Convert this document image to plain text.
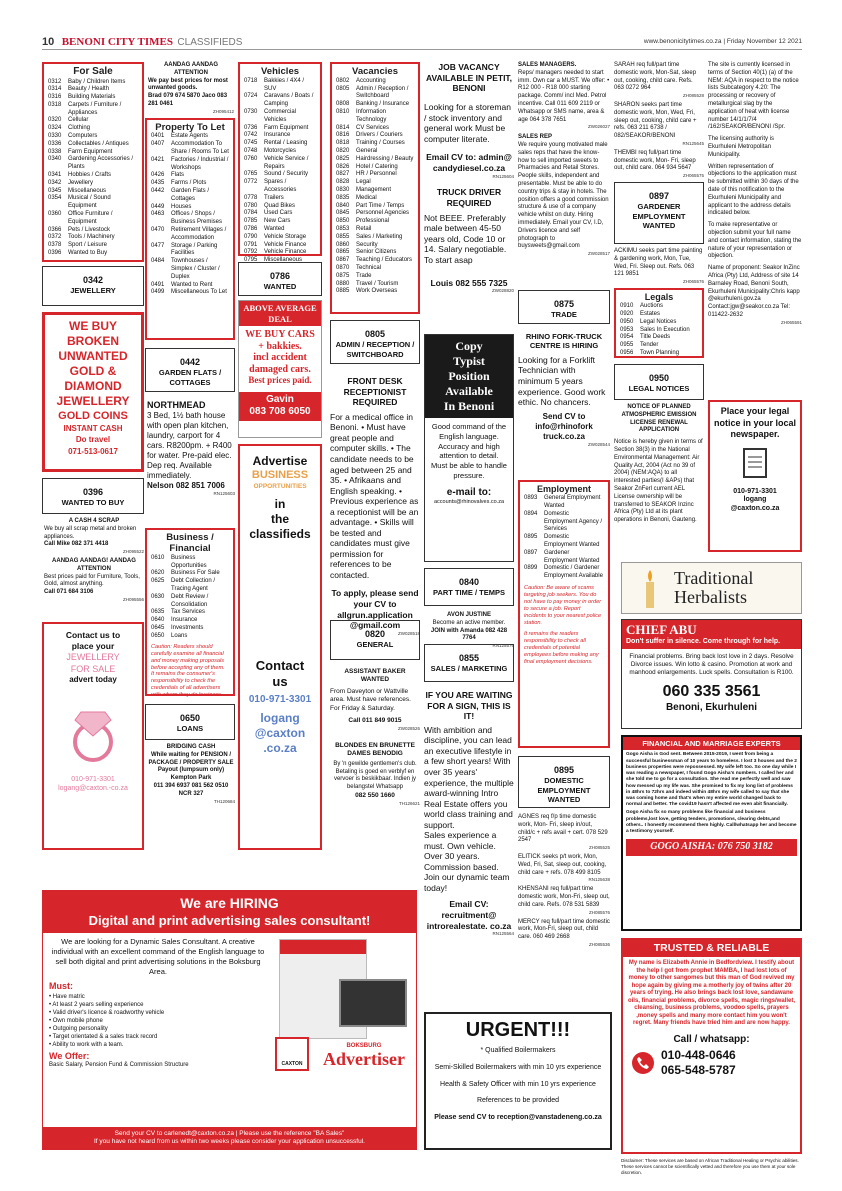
10 BENONI CITY TIMES CLASSIFIEDS	www.benonicitytimes.co.za | Friday November 12 2021
For Sale
0312	Baby / Children Items
0314	Beauty / Health
0316	Building Materials
0318	Carpets / Furniture / Appliances
0320	Cellular
0324	Clothing
0330	Computers
0336	Collectables / Antiques
0338	Farm Equipment
0340	Gardening Accessories / Plants
0341	Hobbies / Crafts
0342	Jewellery
0345	Miscellaneous
0354	Musical / Sound Equipment
0360	Office Furniture / Equipment
0366	Pets / Livestock
0372	Tools / Machinery
0378	Sport / Leisure
0396	Wanted to Buy
0342
JEWELLERY
WE BUY
BROKEN
UNWANTED
GOLD &
DIAMOND
JEWELLERY
GOLD COINS
INSTANT CASH
Do travel
071-513-0617
0396
WANTED TO BUY
A CASH 4 SCRAP
We buy all scrap metal and broken appliances.
Call Mike 082 371 4418
ZH095522
AANDAG AANDAG! AANDAG ATTENTION
Best prices paid for Furniture, Tools, Gold, almost anything.
Call 071 684 3106
ZH095556
Contact us to
place your
JEWELLERY
FOR SALE
advert today
010-971-3301
logang@caxton.-co.za
AANDAG AANDAG ATTENTION
We pay best prices for most unwanted goods.
Brad 079 674 5870 Jaco 083 281 0461
ZH095412
Property To Let
0401	Estate Agents
0407	Accommodation To Share / Rooms To Let
0421	Factories / Industrial / Workshops
0426	Flats
0435	Farms / Plots
0442	Garden Flats / Cottages
0449	Houses
0463	Offices / Shops / Business Premises
0470	Retirement Villages / Accommodation
0477	Storage / Parking Facilities
0484	Townhouses / Simplex / Cluster / Duplex
0491	Wanted to Rent
0499	Miscellaneous To Let
0442
GARDEN FLATS / COTTAGES
NORTHMEAD
3 Bed, 1½ bath house with open plan kitchen, laundry, carport for 4 cars. R8200pm. + R400 for water. Pre-paid elec. Dep req. Available immediately.
Nelson 082 851 7006
RN125603
Business / Financial
0610	Business Opportunities
0620	Business For Sale
0625	Debt Collection / Tracing Agent
0630	Debt Review / Consolidation
0635	Tax Services
0640	Insurance
0645	Investments
0650	Loans
Caution: Readers should carefully examine all financial and money making proposals before accepting any of them. It remains the consumer's responsibility to check the credentials of all advertisers with whom they do business.
0650
LOANS
BRIDGING CASH
While waiting for PENSION / PACKAGE / PROPERTY SALE Payout (lumpsum only)
Kempton Park
011 394 6937 081 562 0510 NCR 327
TH120684
Vehicles
0718	Bakkies / 4X4 / SUV
0724	Caravans / Boats / Camping
0730	Commercial Vehicles
0736	Farm Equipment
0742	Insurance
0745	Rental / Leasing
0748	Motorcycles
0760	Vehicle Service / Repairs
0765	Sound / Security
0772	Spares / Accessories
0778	Trailers
0780	Quad Bikes
0784	Used Cars
0785	New Cars
0786	Wanted
0790	Vehicle Storage
0791	Vehicle Finance
0792	Vehicle Finance
0795	Miscellaneous
0786
WANTED
ABOVE AVERAGE DEAL
WE BUY CARS
+ bakkies.
incl accident
damaged cars.
Best prices paid.
Gavin
083 708 6050
Advertise
BUSINESS
OPPORTUNITIES
in
the
classifieds
Contact
us
010-971-3301
logang
@caxton
.co.za
Vacancies
0802	Accounting
0805	Admin / Reception / Switchboard
0808	Banking / Insurance
0810	Information Technology
0814	CV Services
0816	Drivers / Couriers
0818	Training / Courses
0820	General
0825	Hairdressing / Beauty
0826	Hotel / Catering
0827	HR / Personnel
0828	Legal
0830	Management
0835	Medical
0840	Part Time / Temps
0845	Personnel Agencies
0850	Professional
0853	Retail
0855	Sales / Marketing
0860	Security
0865	Senior Citizens
0867	Teaching / Educators
0870	Technical
0875	Trade
0880	Travel / Tourism
0885	Work Overseas
0805
ADMIN / RECEPTION / SWITCHBOARD
FRONT DESK RECEPTIONIST REQUIRED
For a medical office in Benoni. • Must have great people and computer skills. • The candidate needs to be aged between 25 and 35. • Afrikaans and English speaking. • Previous experience as a receptionist will be an advantage. • Skills will be tested and candidates must give permission for references to be contacted.
To apply, please send your CV to allgrun.application @gmail.com
ZW028518
0820
GENERAL
ASSISTANT BAKER WANTED
From Daveyton or Wattville area. Must have references. For Friday & Saturday.
Call 011 849 9015
ZW028526
BLONDES EN BRUNETTE DAMES BENODIG
By 'n gewilde gentlemen's club. Betaling is goed en verblyf en vervoer is beskikbaar. Indien jy belangstel Whatsapp
082 550 1660
TH126621
JOB VACANCY AVAILABLE IN PETIT, BENONI
Looking for a storeman / stock inventory and general work Must be computer literate.
Email CV to: admin@ candydiesel.co.za
RN125604
TRUCK DRIVER REQUIRED
Not BEEE. Preferably male between 45-50 years old, Code 10 or 14. Salary negotiable. To start asap
Louis 082 555 7325
ZW028820
Copy
Typist
Position
Available
In Benoni
Good command of the English language.
Accuracy and high attention to detail.
Must be able to handle pressure.
e-mail to:
accounts@rhinovalves.co.za
0840
PART TIME / TEMPS
AVON JUSTINE
Become an active member.
JOIN with Amanda 082 428 7764
RN125576
0855
SALES / MARKETING
IF YOU ARE WAITING FOR A SIGN, THIS IS IT!
With ambition and discipline, you can lead an executive lifestyle in a few short years! With over 35 years' experience, the multiple award-winning Intro Real Estate offers you world class training and support.
Sales experience a must. Own vehicle. Over 30 years. Commission based. Join our dynamic team today!
Email CV: recruitment@ introrealestate. co.za
RN125564
SALES MANAGERS.
Reps/ managers needed to start imm. Own car a MUST. We offer: • R12 000 - R18 000 starting package. Comm/ incl Med. Petrol incentive. Call 011 609 2119 or Whatsapp or SMS name, area & age 064 378 7651
ZW026027
SALES REP
We require young motivated male sales reps that have the know-how to sell imported sweets to Pharmacies and Retail Stores. People skills, independent and presentable. Must be able to do country trips & stay in hotels. The position offers a good commission structure & use of a company vehicle whilst on duty. Hiring immediately. Email your CV, I.D, Drivers licence and self photograph to buysweets@gmail.com
ZW028517
0875
TRADE
RHINO FORK-TRUCK CENTRE IS HIRING
Looking for a Forklift Technician with minimum 5 years experience. Good work ethic. No chancers.
Send CV to info@rhinofork truck.co.za
ZW028544
Employment
0893	General Employment Wanted
0894	Domestic Employment Agency / Services
0895	Domestic Employment Wanted
0897	Gardener Employment Wanted
0899	Domestic / Gardener Employment Available
Caution: Be aware of scams targeting job seekers. You do not have to pay money in order to secure a job. Report incidents to your nearest police station.
It remains the readers responsibility to check all credentials of potential employees before making any final employment decisions.
0895
DOMESTIC EMPLOYMENT WANTED
AGNES req f/p time domestic work, Mon- Fri, sleep in/out, child/c + refs avail + cert. 078 529 2547
ZH085525
ELITICK seeks p/t work, Mon, Wed, Fri, Sat, sleep out, cooking, child care + refs. 078 499 8105
RN125638
KHENSANI req full/part time domestic work, Mon-Fri, sleep out, child care. Refs. 078 531 5839
ZH085576
MERCY req full/part time domestic work, Mon-Fri, sleep out, child care. 060 469 2668
ZH085536
URGENT!!!
* Qualified Boilermakers
Semi-Skilled Boilermakers with min 10 yrs experience
Health & Safety Officer with min 10 yrs experience
References to be provided
Please send CV to reception@vanstadeneng.co.za
SARAH req full/part time domestic work, Mon-Sat, sleep out, cooking, child care. Refs. 063 0272 964
ZH085528
SHARON seeks part time domestic work, Mon, Wed, Fri, sleep out, cooking, child care + refs. 063 211 6738 / 082/SEAKOR/BENONI
RN125645
THEMBI req full/part time domestic work, Mon- Fri, sleep out, child care. 064 934 5647
ZH065575
0897
GARDENER EMPLOYMENT WANTED
ACKIMU seeks part time painting & gardening work, Mon, Tue, Wed, Fri. Sleep out. Refs. 063 121 9851
ZH065576
Legals
0910	Auctions
0920	Estates
0950	Legal Notices
0953	Sales In Execution
0954	Title Deeds
0955	Tender
0956	Town Planning
0950
LEGAL NOTICES
NOTICE OF PLANNED ATMOSPHERIC EMISSION LICENSE RENEWAL APPLICATION
Notice is hereby given in terms of Section 38(3) in the National Environmental Management: Air Quality Act, 2004 (Act no 39 of 2004) (NEM:AQA) to all interested parties(I &APs) that Seakor ZnFerl current AEL License ownership will be transferred to SEAKOR Inzinc Africa (Pty) Ltd at its plant operations in Benoni, Gauteng.
The site is currently licensed in terms of Section 40(1) (a) of the NEM: AQA in respect to the notice lists Subcategory 4.20: The processing or recovery of metallurgical slag by the application of heat with license number 14/1/1/7/4 /162/SEAKOR/BENONI /Spr.
The licensing authority is Ekurhuleni Metropolitan Municipality.
Written representation of objections to the application must be submitted within 30 days of the date of this notification to the Ekurhuleni Municipality and applicant to the address details indicated below.
To make representative or objection submit your full name and contact information, stating the nature of your representation or objection.
Name of proponent: Seakor InZinc Africa (Pty) Ltd, Address of site 14 Barnaley Road, Benoni South, Ekurhuleni Municipality:Chris kapp @ekurhuleni.gov.za Contact:jgw@seakor.co.za Tel: 011422-2632
ZH065591
Place your legal notice in your local newspaper.
010-971-3301
logang
@caxton.co.za
Traditional Herbalists
CHIEF ABU
Don't suffer in silence. Come through for help.
Financial problems. Bring back lost love in 2 days. Resolve Divorce issues. Win lotto & casino. Promotion at work and manhood enlargements. Luck spells. Consultation is R100.
060 335 3561
Benoni, Ekurhuleni
FINANCIAL AND MARRIAGE EXPERTS
Gogo Aisha is God sent. Between 2015-2019, I went from being a successful businessman of 10 years to homeless. I lost 3 houses and the 2 business properties were repossessed. My wife left too. So one day while I was reading a newspaper, I found Gogo Aisha's numbers. I called her and she told me to go for a consultation. She read me perfectly well and saw how messed up my life was. She promised to fix my long list of problems in 48hrs to 72hrs and indeed within 48hrs my wife called to say that she was coming home and that's when my entire world changed back to normal and better. The covid19 hasn't affected me even abit financially.
Gogo Aisha fix so many problems like financial and business problems,lost love, getting tenders, promotions, clearing debts,and others.. I honestly recommend them highly. Call/whatsapp her and become a testimony yourself.
GOGO AISHA: 076 750 3182
TRUSTED & RELIABLE
My name is Elizabeth Annie in Bedfordview. I testify about the help I got from prophet MAMBA, I had lost lots of money to other sangomes but this man of God revived my hope again by giving me a motherly joy of twins after 20 years of trying. He also brings back lost love, sandawane oils, financial problems, divorce spells, magic rings/wallet, cleansing, business problems, voodoo spells, prayers ,money spells and many more contact him you won't regret. Many friends have tried him and are now happy.
Call / whatsapp:
010-448-0646
065-548-5787
Disclaimer: These services are based on African Traditional Healing or Psychic abilities. These services cannot be scientifically vetted and therefore you use them at your sole discretion.
We are HIRING
Digital and print advertising sales consultant!
We are looking for a Dynamic Sales Consultant. A creative individual with an excellent command of the English language to sell both digital and print advertising solutions in the Boksburg Area.
Must:
• Have matric
• At least 2 years selling experience
• Valid driver's licence & roadworthy vehicle
• Own mobile phone
• Outgoing personality
• Target orientated & a sales track record
• Ability to work with a team.
We Offer:
Basic Salary, Pension Fund & Commission Structure
BOKSBURG
Advertiser
CAXTON
Send your CV to carlenedt@caxton.co.za | Please use the reference "BA Sales"
If you have not heard from us within two weeks please consider your application unsuccessful.
